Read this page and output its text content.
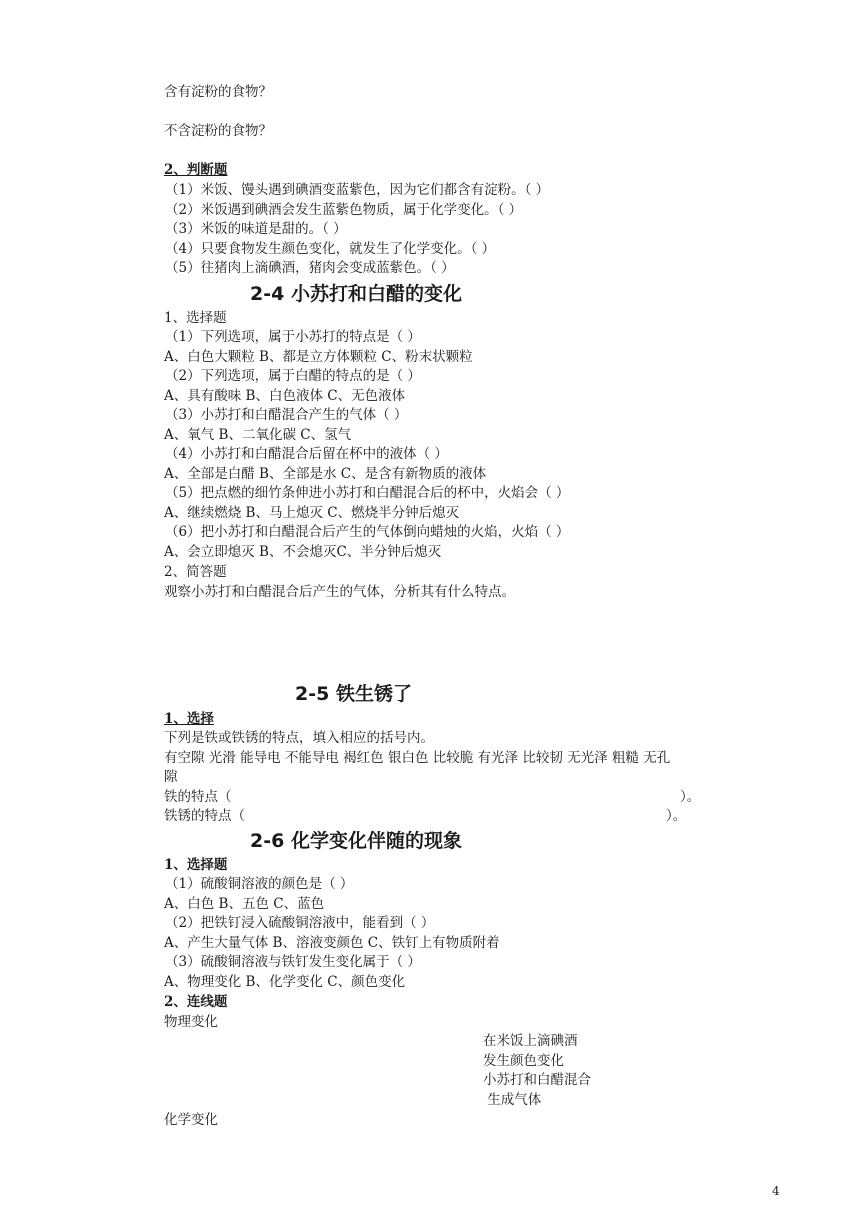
含有淀粉的食物？
不含淀粉的食物？
2、判断题
（1）米饭、馒头遇到碘酒变蓝紫色，因为它们都含有淀粉。（ ）
（2）米饭遇到碘酒会发生蓝紫色物质，属于化学变化。（ ）
（3）米饭的味道是甜的。（ ）
（4）只要食物发生颜色变化，就发生了化学变化。（ ）
（5）往猪肉上滴碘酒，猪肉会变成蓝紫色。（ ）
2-4 小苏打和白醋的变化
1、选择题
（1）下列选项，属于小苏打的特点是（ ）
A、白色大颗粒 B、都是立方体颗粒 C、粉末状颗粒
（2）下列选项，属于白醋的特点的是（ ）
A、具有酸味 B、白色液体 C、无色液体
（3）小苏打和白醋混合产生的气体（ ）
A、氧气 B、二氧化碳 C、氢气
（4）小苏打和白醋混合后留在杯中的液体（ ）
A、全部是白醋 B、全部是水 C、是含有新物质的液体
（5）把点燃的细竹条伸进小苏打和白醋混合后的杯中，火焰会（ ）
A、继续燃烧 B、马上熄灭 C、燃烧半分钟后熄灭
（6）把小苏打和白醋混合后产生的气体倒向蜡烛的火焰，火焰（ ）
A、会立即熄灭 B、不会熄灭C、半分钟后熄灭
2、简答题
观察小苏打和白醋混合后产生的气体，分析其有什么特点。
2-5 铁生锈了
1、选择
下列是铁或铁锈的特点，填入相应的括号内。
有空隙 光滑 能导电 不能导电 褐红色 银白色 比较脆 有光泽 比较韧 无光泽 粗糙 无孔
隙
铁的特点（	）。
铁锈的特点（	）。
2-6 化学变化伴随的现象
1、选择题
（1）硫酸铜溶液的颜色是（ ）
A、白色 B、五色 C、蓝色
（2）把铁钉浸入硫酸铜溶液中，能看到（ ）
A、产生大量气体 B、溶液变颜色 C、铁钉上有物质附着
（3）硫酸铜溶液与铁钉发生变化属于（ ）
A、物理变化 B、化学变化 C、颜色变化
2、连线题
物理变化
在米饭上滴碘酒
发生颜色变化
小苏打和白醋混合
生成气体
化学变化
4
